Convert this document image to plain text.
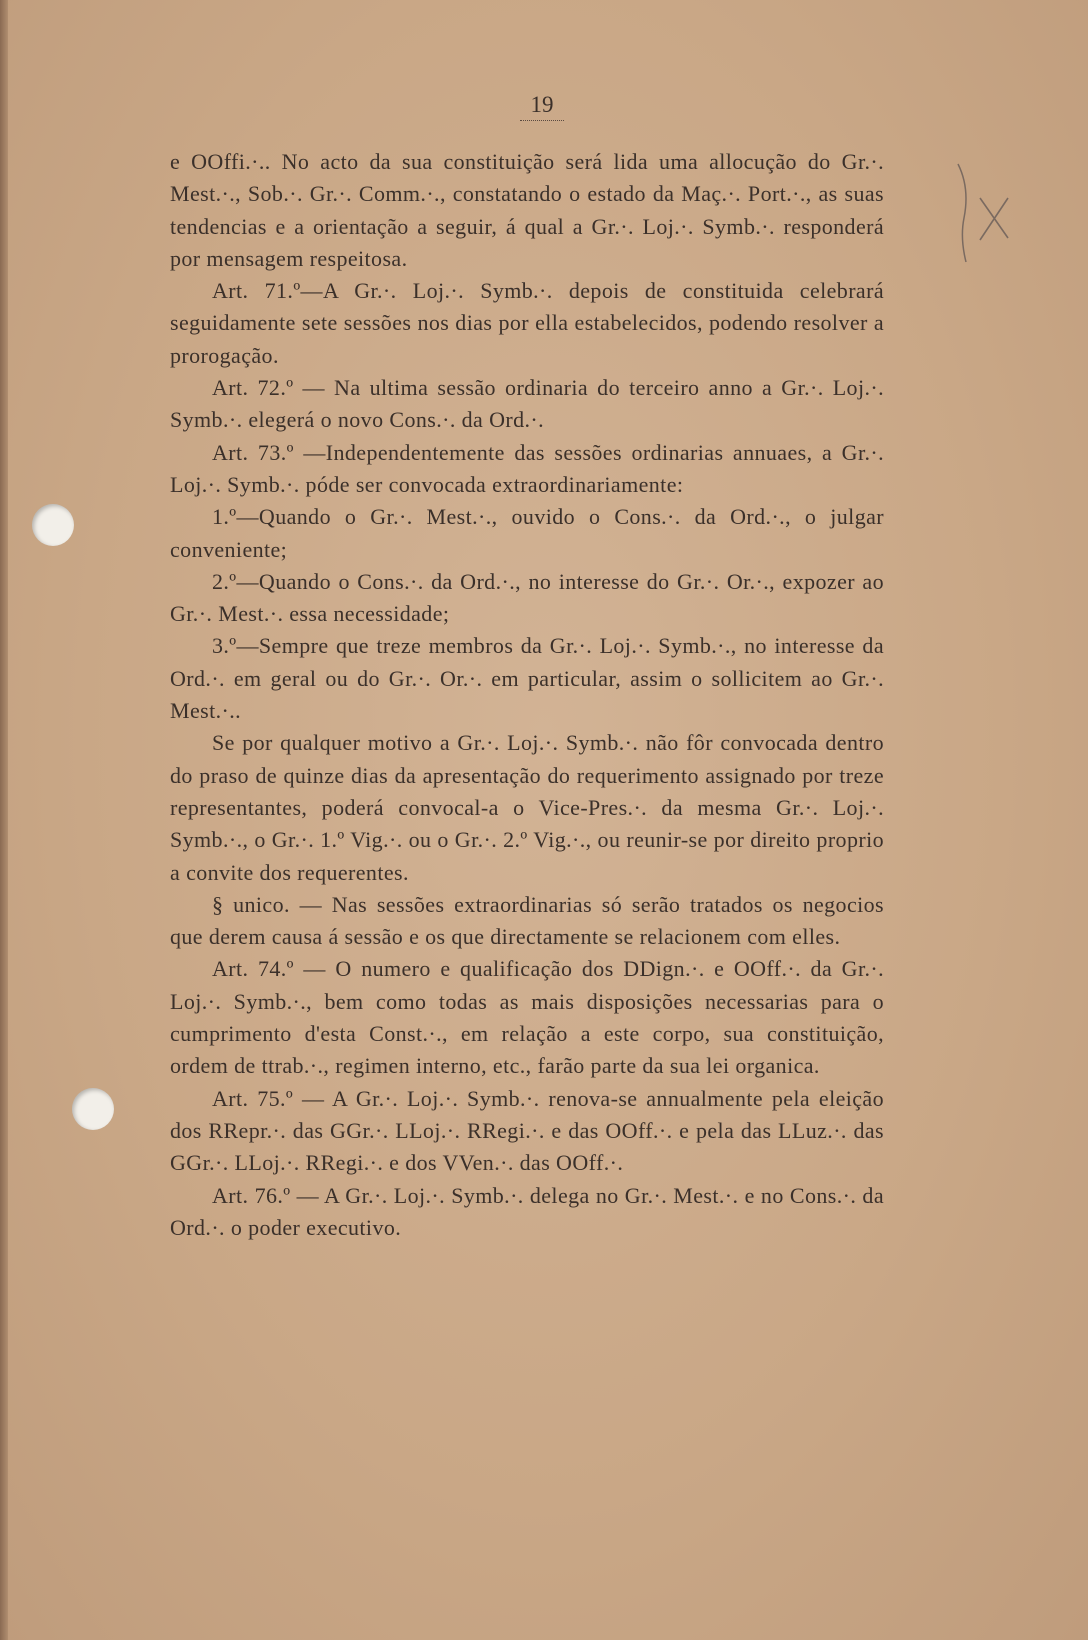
19

e OOffi.·.. No acto da sua constituição será lida uma allocução do Gr.·. Mest.·., Sob.·. Gr.·. Comm.·., constatando o estado da Maç.·. Port.·., as suas tendencias e a orientação a seguir, á qual a Gr.·. Loj.·. Symb.·. responderá por mensagem respeitosa.

Art. 71.º—A Gr.·. Loj.·. Symb.·. depois de constituida celebrará seguidamente sete sessões nos dias por ella estabelecidos, podendo resolver a prorogação.

Art. 72.º — Na ultima sessão ordinaria do terceiro anno a Gr.·. Loj.·. Symb.·. elegerá o novo Cons.·. da Ord.·.

Art. 73.º —Independentemente das sessões ordinarias annuaes, a Gr.·. Loj.·. Symb.·. póde ser convocada extraordinariamente:

1.º—Quando o Gr.·. Mest.·., ouvido o Cons.·. da Ord.·., o julgar conveniente;

2.º—Quando o Cons.·. da Ord.·., no interesse do Gr.·. Or.·., expozer ao Gr.·. Mest.·. essa necessidade;

3.º—Sempre que treze membros da Gr.·. Loj.·. Symb.·., no interesse da Ord.·. em geral ou do Gr.·. Or.·. em particular, assim o sollicitem ao Gr.·. Mest.·..

Se por qualquer motivo a Gr.·. Loj.·. Symb.·. não fôr convocada dentro do praso de quinze dias da apresentação do requerimento assignado por treze representantes, poderá convocal-a o Vice-Pres.·. da mesma Gr.·. Loj.·. Symb.·., o Gr.·. 1.º Vig.·. ou o Gr.·. 2.º Vig.·., ou reunir-se por direito proprio a convite dos requerentes.

§ unico. — Nas sessões extraordinarias só serão tratados os negocios que derem causa á sessão e os que directamente se relacionem com elles.

Art. 74.º — O numero e qualificação dos DDign.·. e OOff.·. da Gr.·. Loj.·. Symb.·., bem como todas as mais disposições necessarias para o cumprimento d'esta Const.·., em relação a este corpo, sua constituição, ordem de ttrab.·., regimen interno, etc., farão parte da sua lei organica.

Art. 75.º — A Gr.·. Loj.·. Symb.·. renova-se annualmente pela eleição dos RRepr.·. das GGr.·. LLoj.·. RRegi.·. e das OOff.·. e pela das LLuz.·. das GGr.·. LLoj.·. RRegi.·. e dos VVen.·. das OOff.·.

Art. 76.º — A Gr.·. Loj.·. Symb.·. delega no Gr.·. Mest.·. e no Cons.·. da Ord.·. o poder executivo.
